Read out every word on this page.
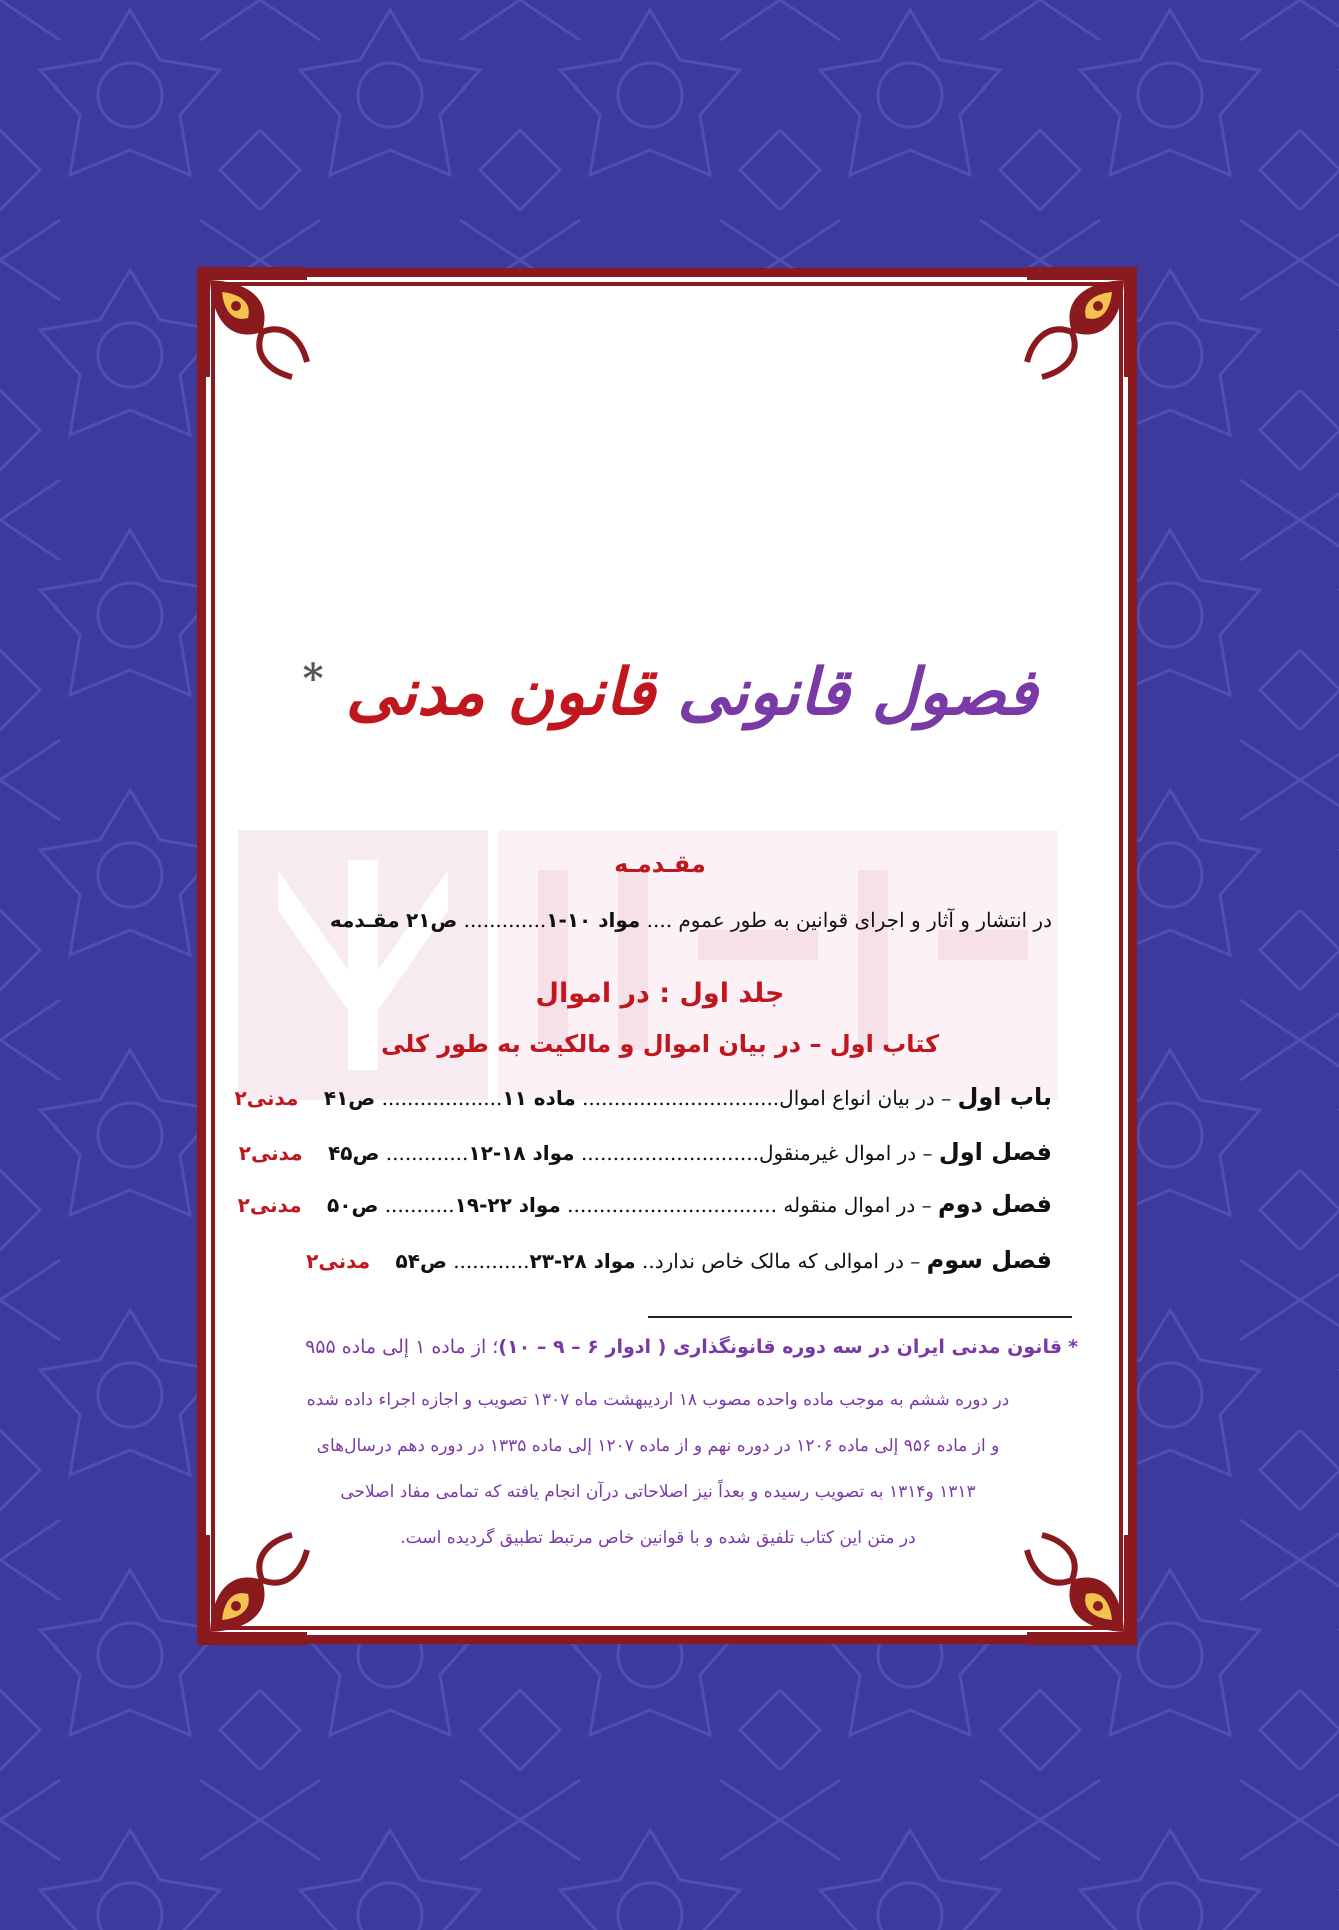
فصول قانونی قانون مدنی *
مقـدمـه
در انتشار و آثار و اجرای قوانین به طور عموم .... مواد ۱۰-۱............. ص۲۱ مقـدمه
جلد اول : در اموال
کتاب اول – در بیان اموال و مالکیت به طور کلی
باب اول – در بیان انواع اموال............................... ماده ۱۱................... ص۴۱    مدنی۲
فصل اول – در اموال غیرمنقول............................ مواد ۱۸-۱۲............. ص۴۵    مدنی۲
فصل دوم – در اموال منقوله ................................. مواد ۲۲-۱۹........... ص۵۰    مدنی۲
فصل سوم – در اموالی که مالک خاص ندارد.. مواد ۲۸-۲۳............ ص۵۴    مدنی۲
* قانون مدنی ایران در سه دوره قانونگذاری ( ادوار ۶ – ۹ – ۱۰)؛ از ماده ۱ إلی ماده ۹۵۵
در دوره ششم به موجب ماده واحده مصوب ۱۸ اردیبهشت ماه ۱۳۰۷ تصویب و اجازه اجراء داده شده
و از ماده ۹۵۶ إلی ماده ۱۲۰۶ در دوره نهم و از ماده ۱۲۰۷ إلی ماده ۱۳۳۵ در دوره دهم درسال‌های
۱۳۱۳ و۱۳۱۴ به تصویب رسیده و بعداً نیز اصلاحاتی درآن انجام یافته که تمامی مفاد اصلاحی
در متن این کتاب تلفیق شده و با قوانین خاص مرتبط تطبیق گردیده است.
